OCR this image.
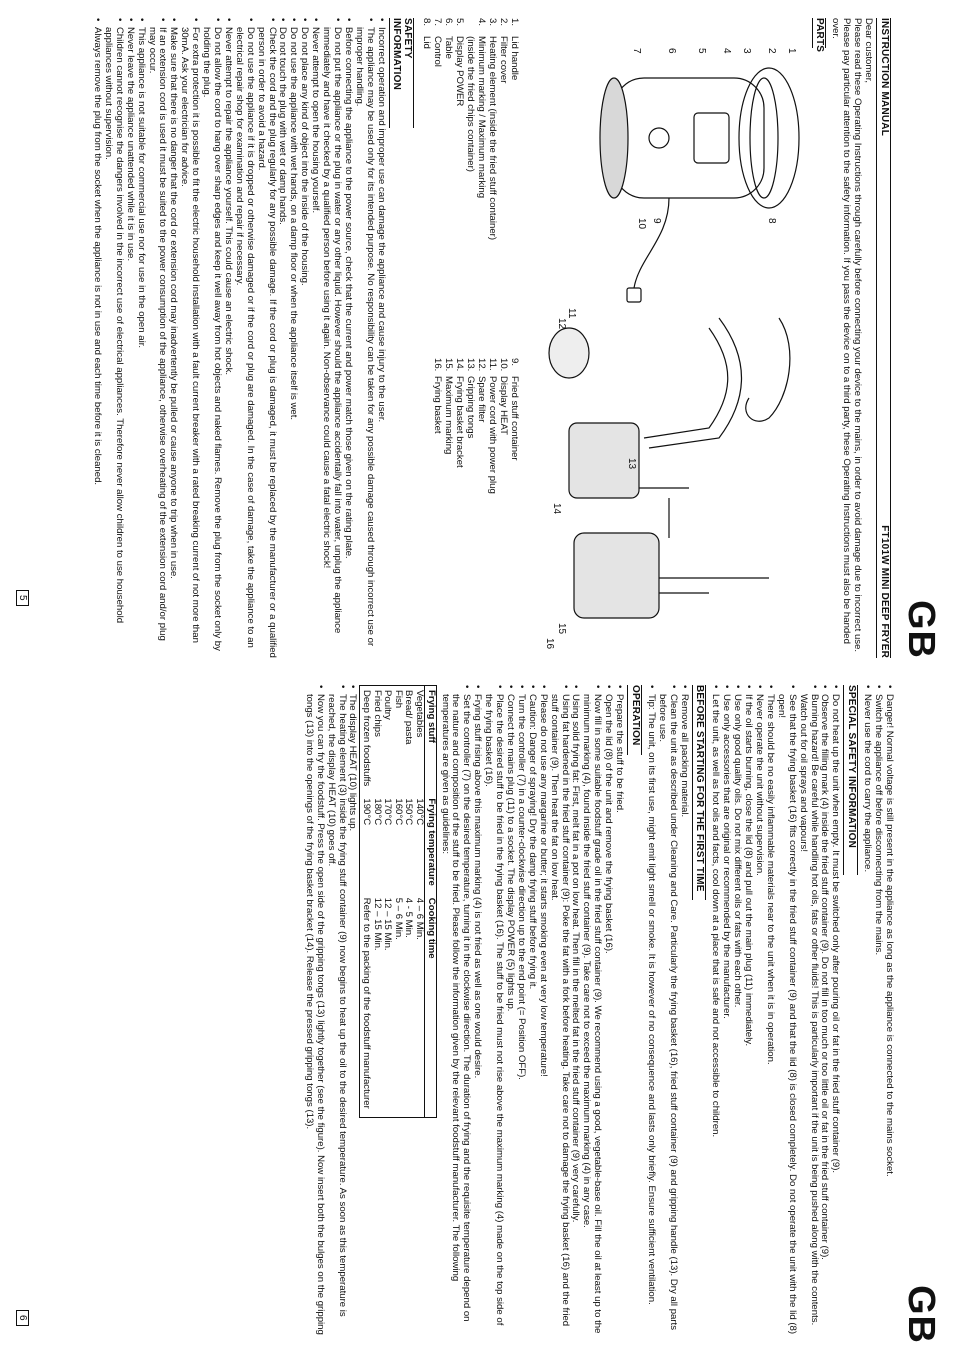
GB
INSTRUCTION MANUAL
FT101W MINI DEEP FRYER

Dear customer,

Please read these Operating Instructions through carefully before connecting your device to the mains, in order to avoid damage due to incorrect use. Please pay particular attention to the safety information. If you pass the device on to a third party, these Operating Instructions must also be handed over.

PARTS
1
2
3
4
5
6
7
8
9
10
11
12
13
14
15
16
1.
Lid handle
2.
Filter cover
3.
Heating element (inside the fried stuff container)
4.
Minimum marking / Maximum marking
(inside the fried chips container)
5.
Display POWER
6.
Table
7.
Control
8.
Lid
9.
Fried stuff container
10.
Display HEAT
11.
Power cord with power plug
12.
Spare filter
13.
Gripping tongs
14.
Frying basket bracket
15.
Maximum marking
16.
Frying basket
SAFETY INFORMATION
• Incorrect operation and improper use can damage the appliance and cause injury to the user.
• The appliance may be used only for its intended purpose. No responsibility can be taken for any possible damage caused through incorrect use or improper handling.
• Before connecting the appliance to the power source, check that the current and power match those given on the rating plate.
• Do not put the appliance or the plug in water or any other liquid. However should the appliance accidentally fall into water, unplug the appliance immediately and have it checked by a qualified person before using it again. Non-observance could cause a fatal electric shock!
• Never attempt to open the housing yourself.
• Do not place any kind of object into the inside of the housing.
• Do not use the appliance with wet hands, on a damp floor or when the appliance itself is wet.
• Do not touch the plug with wet or damp hands.
• Check the cord and the plug regularly for any possible damage. If the cord or plug is damaged, it must be replaced by the manufacturer or a qualified person in order to avoid a hazard.
• Do not use the appliance if it is dropped or otherwise damaged or if the cord or plug are damaged. In the case of damage, take the appliance to an electrical repair shop for examination and repair if necessary.
• Never attempt to repair the appliance yourself. This could cause an electric shock.
• Do not allow the cord to hang over sharp edges and keep it well away from hot objects and naked flames. Remove the plug from the socket only by holding the plug.
• For extra protection it is possible to fit the electric household installation with a fault current breaker with a rated breaking current of not more than 30mA. Ask your electrician for advice.
• Make sure that there is no danger that the cord or extension cord may inadvertently be pulled or cause anyone to trip when in use.
• If an extension cord is used it must be suited to the power consumption of the appliance, otherwise overheating of the extension cord and/or plug may occur.
• This appliance is not suitable for commercial use nor for use in the open air.
• Never leave the appliance unattended while it is in use.
• Children cannot recognise the dangers involved in the incorrect use of electrical appliances. Therefore never allow children to use household appliances without supervision.
• Always remove the plug from the socket when the appliance is not in use and each time before it is cleaned.
5
GB
• Danger! Normal voltage is still present in the appliance as long as the appliance is connected to the mains socket.
• Switch the appliance off before disconnecting from the mains.
• Never use the cord to carry the appliance.
SPECIAL SAFETY INFORMATION
• Do not heat up the unit when empty. It must be switched only after pouring oil or fat in the fried stuff container (9).
• Observe the filling mark (4) inside the fried stuff container (9). Do not fill in too much or too little oil or fat in the fried stuff container (9).
• Burning hazard! Be careful while handling hot oils, fats or other fluids! This is particularly important if the unit is being pushed along with the contents. Watch out for oil sprays and vapours!
• See that the frying basket (16) fits correctly in the fried stuff container (9) and that the lid (8) is closed completely. Do not operate the unit with the lid (8) open!
• There should be no easily inflammable materials near to the unit when it is in operation.
• Never operate the unit without supervision.
• If the oil starts burning, close the lid (8) and pull out the main plug (11) immediately.
• Use only good quality oils. Do not mix different oils or fats with each other.
• Use only accessories that are original or recommended by the manufacturer.
• Let the unit, as well as hot oils and facts, cool down at a place that is safe and not accessible to children.
BEFORE STARTING FOR THE FIRST TIME
• Remove all packing material.
• Clean the unit as described under Cleaning and Care. Particularly the frying basket (16), fried stuff container (9) and gripping handle (13). Dry all parts before use.
• Tip: The unit, on its first use, might emit light smell or smoke. It is however of no consequence and lasts only briefly. Ensure sufficient ventilation.
OPERATION
• Prepare the stuff to be fried.
• Open the lid (8) of the unit and remove the frying basket (16).
• Now fill in some suitable foodstuff grade oil in the fried stuff container (9). We recommend using a good, vegetable-base oil. Fill the oil at least up to the minimum marking (4), found inside the fried stuff container (9). Take care not to exceed the maximum marking (4) in any case.
• Using solid frying fat: First, melt fat in a pot on low heat. Then fill in the melted fat in the fried stuff container (9) very carefully.
• Using fat hardened in the fried stuff container (9): Poke the fat with a fork before heating. Take care not to damage the frying basket (16) and the fried stuff container (9). Then heat the fat on low heat.
• Please do not use any margarine or butter; it starts smoking even at very low temperature!
• Caution: Danger of spraying! Dry the damp frying stuff before frying it.
• Turn the controller (7) in a counter-clockwise direction up to the end point (= Position OFF).
• Connect the mains plug (11) to a socket. The display POWER (5) lights up.
• Place the desired stuff to be fried in the frying basket (16). The stuff to be fried must not rise above the maximum marking (4) made on the top side of the frying basket (16).
• Frying stuff rising above this maximum marking (4) is not fried as well as one would desire.
• Set the controller (7) on the desired temperature, turning it in the clockwise direction. The duration of frying and the requisite temperature depend on the nature and composition of the stuff to be fried. Please follow the information given by the relevant foodstuff manufacturer. The following temperatures are given as guidelines:
Frying stuff	Frying temperature	Cooking time
Vegetables	140°C	4 – 6 Min.
Bread/ pasta	150°C	4 - 5 Min.
Fish	160°C	5 – 6 Min.
Poultry	170°C	12 – 15 Min.
Fried chips	180°C	12 – 15 Min.
Deep frozen foodstuffs	190°C	Refer to the packing of the foodstuff manufacturer
• The display HEAT (10) lights up.
• The heating element (3) inside the frying stuff container (9) now begins to heat up the oil to the desired temperature. As soon as this temperature is reached, the display HEAT (10) goes off.
• Now you can fry the foodstuff. Press the open side of the gripping tongs (13) lightly together (see the figure). Now insert both the bulges on the gripping tongs (13) into the openings of the frying basket bracket (14). Release the pressed gripping tongs (13).
6
